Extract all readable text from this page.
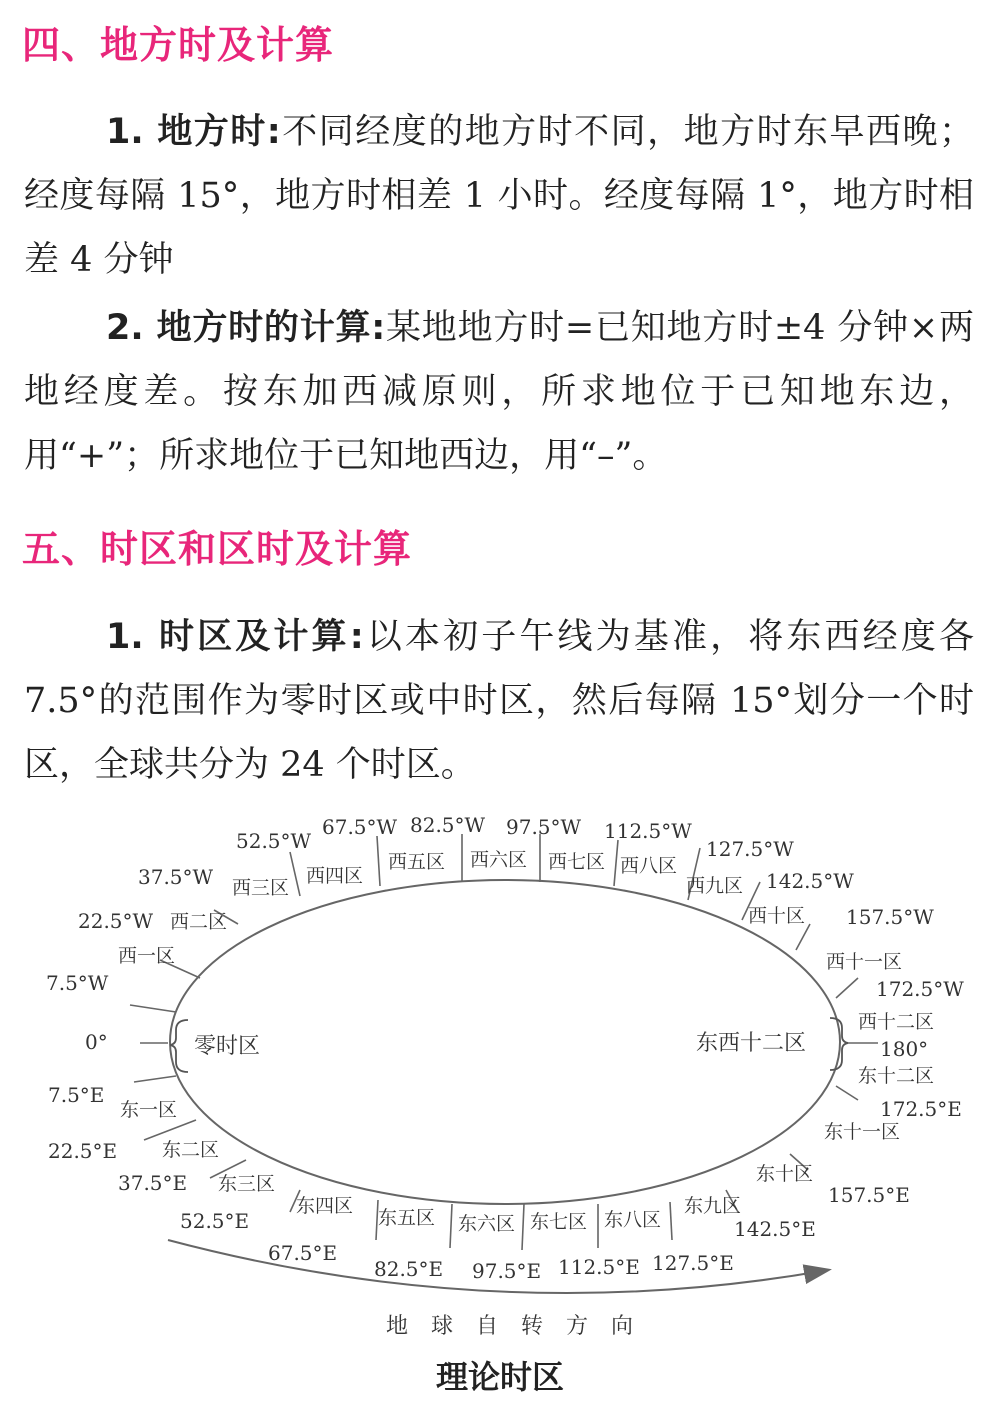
四、地方时及计算

1. 地方时:不同经度的地方时不同，地方时东早西晚；经度每隔 15°，地方时相差 1 小时。经度每隔 1°，地方时相差 4 分钟

2. 地方时的计算:某地地方时=已知地方时±4 分钟×两地经度差。按东加西减原则，所求地位于已知地东边，用“+”；所求地位于已知地西边，用“–”。

五、时区和区时及计算

1. 时区及计算:以本初子午线为基准，将东西经度各 7.5°的范围作为零时区或中时区，然后每隔 15°划分一个时区，全球共分为 24 个时区。

7.5°W
西一区
7.5°E
东一区
22.5°W 西二区
22.5°E 东二区
37.5°W 西三区
37.5°E 东三区
52.5°W
西四区
52.5°E
东四区
67.5°W
西五区
67.5°E
东五区
82.5°W
西六区
82.5°E
东六区
97.5°W
西七区
97.5°E
东七区
112.5°W
西八区
112.5°E
东八区
127.5°W
西九区
127.5°E
东九区
142.5°W
西十区
142.5°E
东十区
157.5°W
西十一区
157.5°E
东十一区
172.5°W
西十二区
172.5°E
东十二区
0°	零时区	180°
东西十二区
地 球 自 转 方 向
理论时区
